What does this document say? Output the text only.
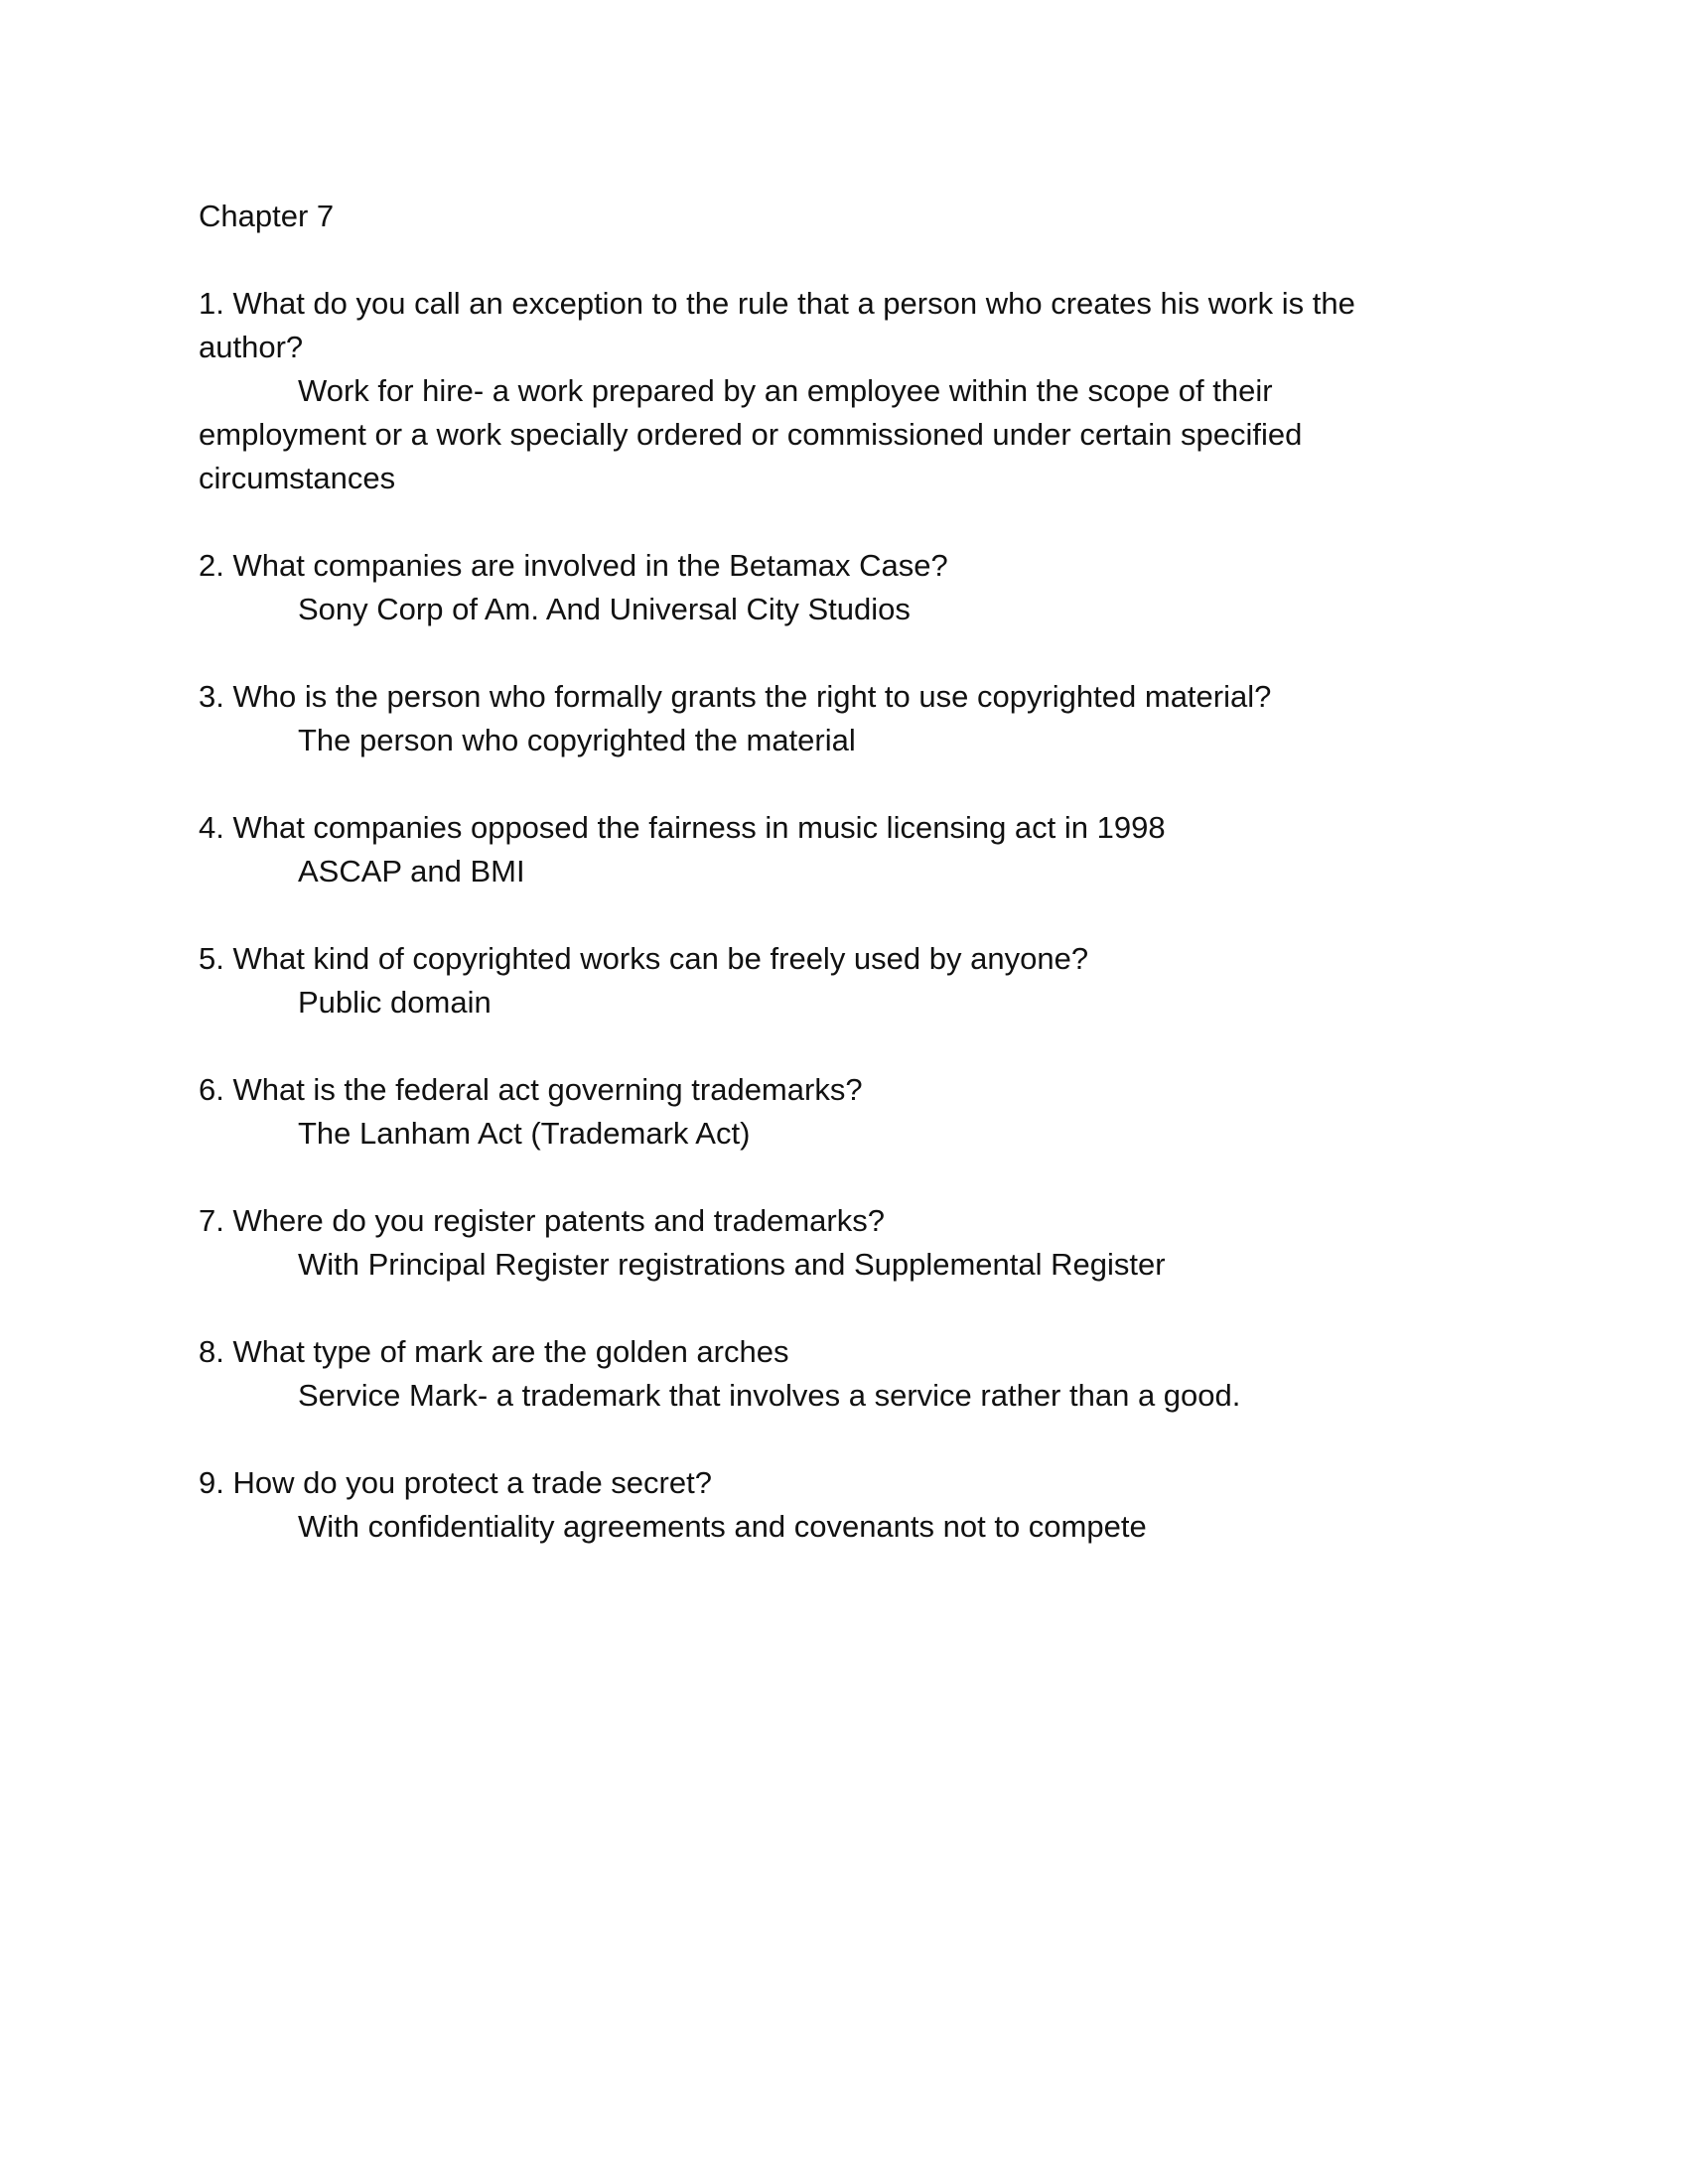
Chapter 7
1. What do you call an exception to the rule that a person who creates his work is the
author?
Work for hire- a work prepared by an employee within the scope of their
employment or a work specially ordered or commissioned under certain specified
circumstances
2. What companies are involved in the Betamax Case?
Sony Corp of Am. And Universal City Studios
3. Who is the person who formally grants the right to use copyrighted material?
The person who copyrighted the material
4. What companies opposed the fairness in music licensing act in 1998
ASCAP and BMI
5. What kind of copyrighted works can be freely used by anyone?
Public domain
6. What is the federal act governing trademarks?
The Lanham Act (Trademark Act)
7. Where do you register patents and trademarks?
With Principal Register registrations and Supplemental Register
8. What type of mark are the golden arches
Service Mark- a trademark that involves a service rather than a good.
9. How do you protect a trade secret?
With confidentiality agreements and covenants not to compete
